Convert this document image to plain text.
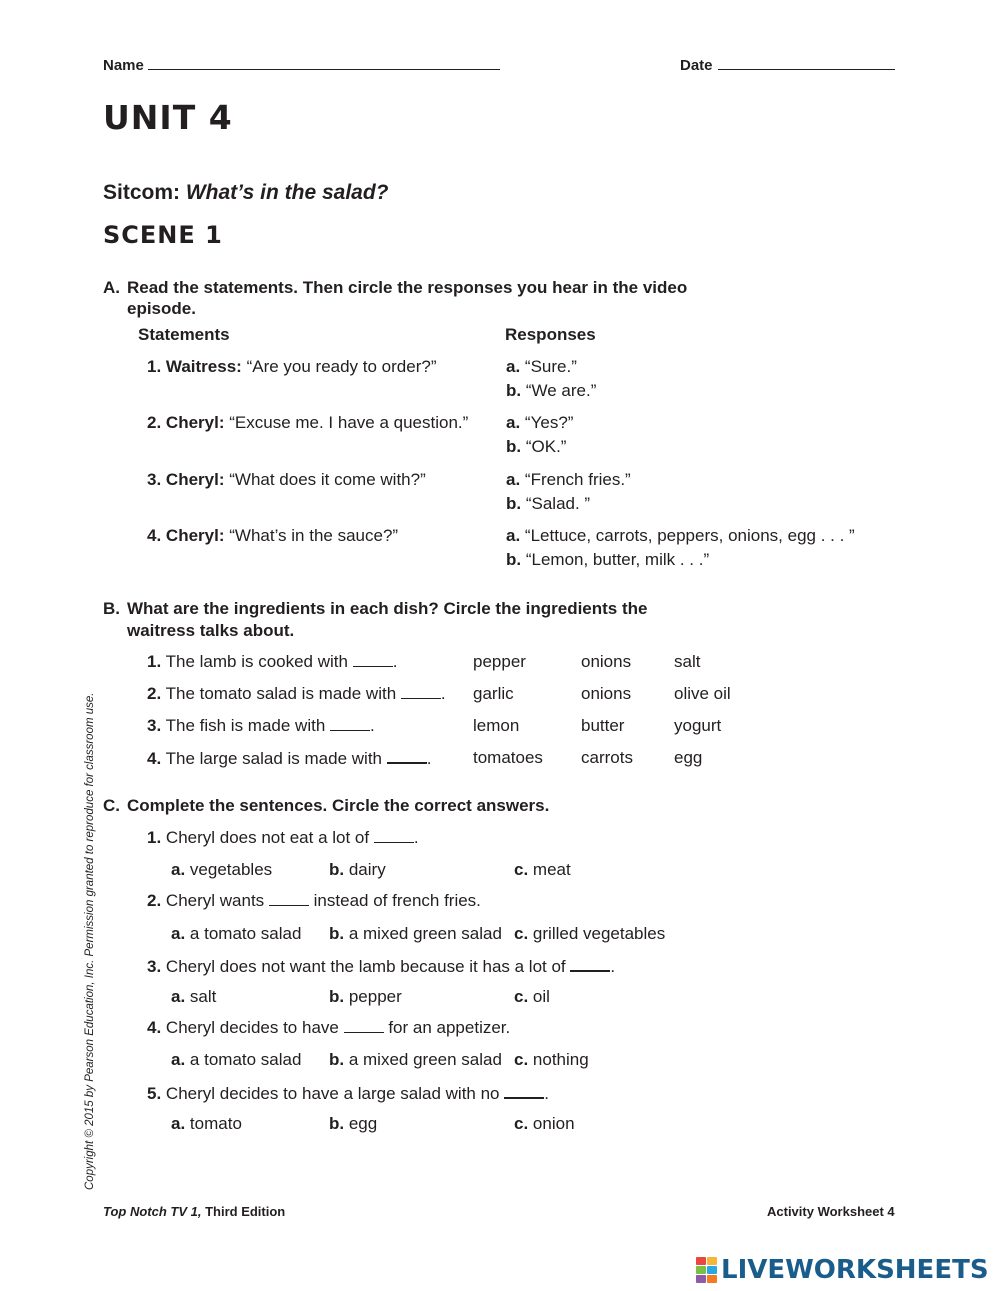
Name	Date
UNIT 4
Sitcom: What’s in the salad?
SCENE 1
A. Read the statements. Then circle the responses you hear in the video
episode.
Statements	Responses
1. Waitress: “Are you ready to order?”	a. “Sure.”
b. “We are.”
2. Cheryl: “Excuse me. I have a question.” a. “Yes?”
b. “OK.”
3. Cheryl: “What does it come with?”	a. “French fries.”
b. “Salad. ”
4. Cheryl: “What’s in the sauce?”	a. “Lettuce, carrots, peppers, onions, egg . . . ”
b. “Lemon, butter, milk . . .”
B. What are the ingredients in each dish? Circle the ingredients the
waitress talks about.
1. The lamb is cooked with	.	pepper	onions	salt
2. The tomato salad is made with	. garlic	onions	olive oil
3. The fish is made with	.	lemon	butter	yogurt
4. The large salad is made with	. tomatoes carrots egg
C. Complete the sentences. Circle the correct answers.
1. Cheryl does not eat a lot of	.
a. vegetables	b. dairy	c. meat
2. Cheryl wants	instead of french fries.
a. a tomato salad b. a mixed green salad c. grilled vegetables
3. Cheryl does not want the lamb because it has a lot of	.
a. salt	b. pepper	c. oil
4. Cheryl decides to have	for an appetizer.
a. a tomato salad b. a mixed green salad c. nothing
5. Cheryl decides to have a large salad with no	.
a. tomato	b. egg	c. onion
Copyright © 2015 by Pearson Education, Inc. Permission granted to reproduce for classroom use.
Top Notch TV 1, Third Edition	Activity Worksheet 4
LIVEWORKSHEETS
